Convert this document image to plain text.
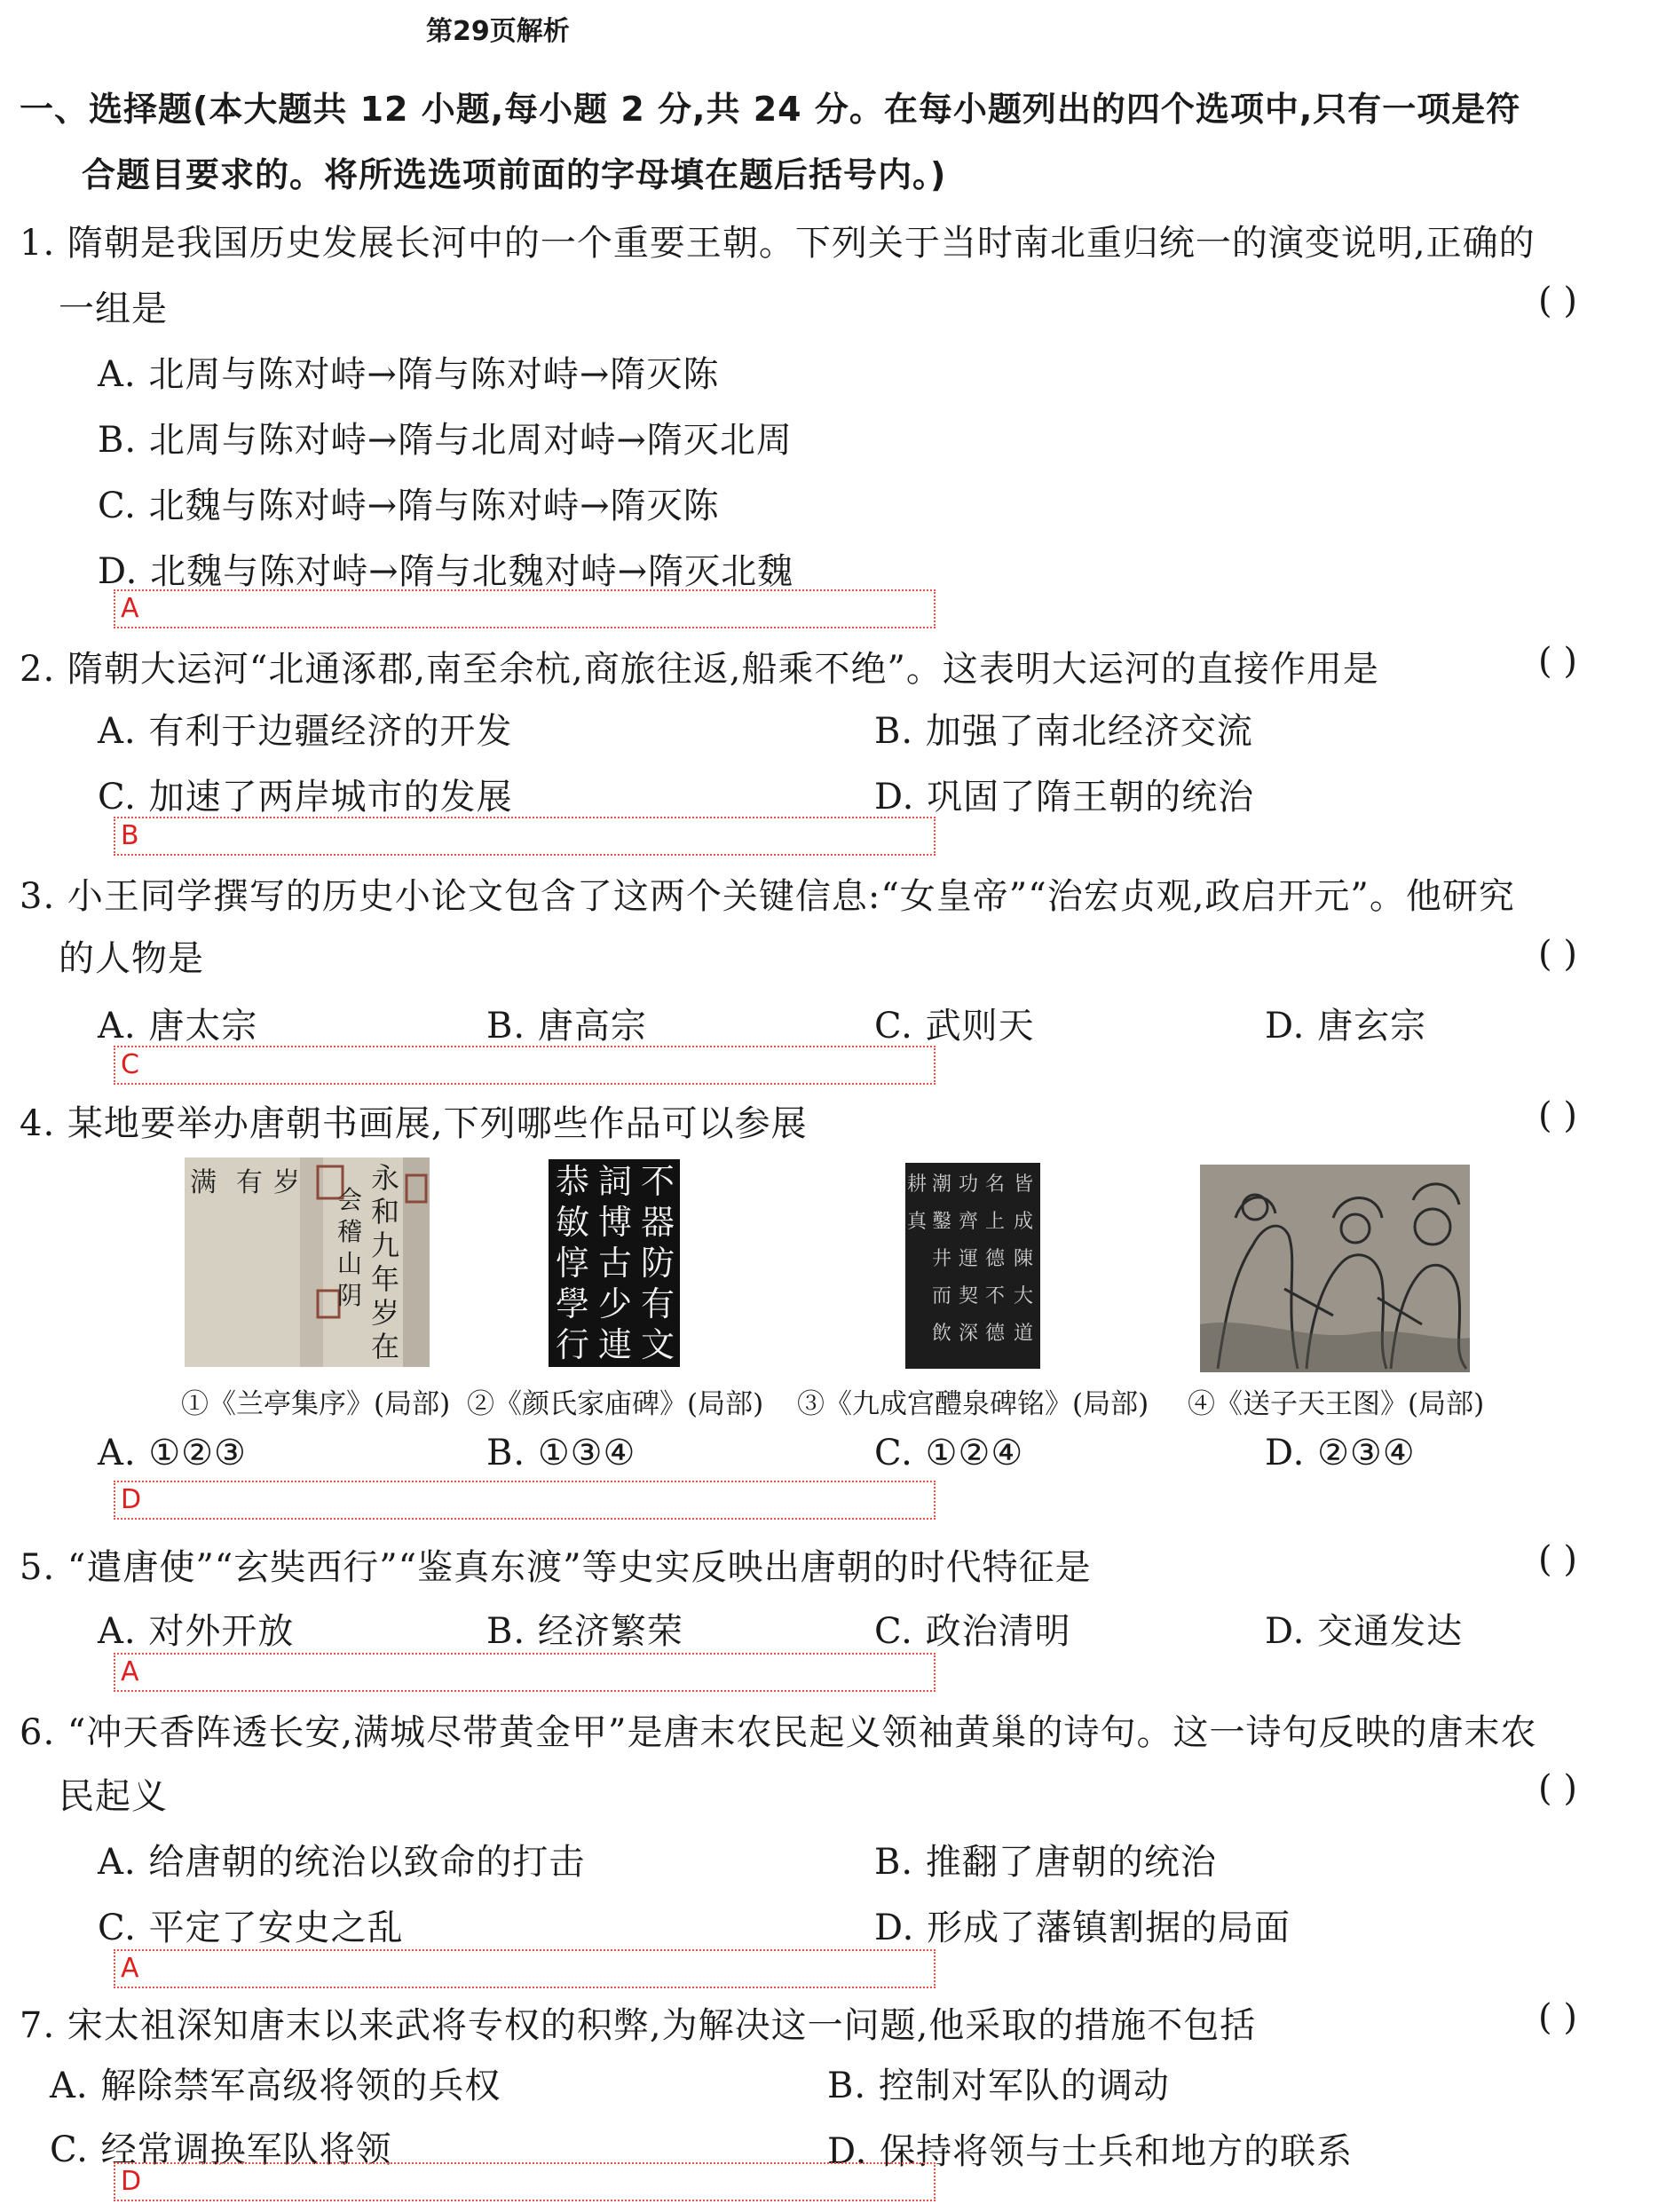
第29页解析
一、选择题(本大题共 12 小题,每小题 2 分,共 24 分。在每小题列出的四个选项中,只有一项是符
合题目要求的。将所选选项前面的字母填在题后括号内。)
1. 隋朝是我国历史发展长河中的一个重要王朝。下列关于当时南北重归统一的演变说明,正确的
一组是	( )
A. 北周与陈对峙→隋与陈对峙→隋灭陈
B. 北周与陈对峙→隋与北周对峙→隋灭北周
C. 北魏与陈对峙→隋与陈对峙→隋灭陈
D. 北魏与陈对峙→隋与北魏对峙→隋灭北魏
A
2. 隋朝大运河“北通涿郡,南至余杭,商旅往返,船乘不绝”。这表明大运河的直接作用是	( )
A. 有利于边疆经济的开发	B. 加强了南北经济交流
C. 加速了两岸城市的发展	D. 巩固了隋王朝的统治
B
3. 小王同学撰写的历史小论文包含了这两个关键信息:“女皇帝”“治宏贞观,政启开元”。他研究
的人物是	( )
A. 唐太宗	B. 唐高宗	C. 武则天	D. 唐玄宗
C
4. 某地要举办唐朝书画展,下列哪些作品可以参展	( )
满 有 岁	永和九年岁在
会稽山阴
不器防有文
詞博古少連
恭敏惇學行
皆成陳大道
名上德不德
功齊運契深
潮鑿井而飲
耕真
①《兰亭集序》(局部) ②《颜氏家庙碑》(局部) ③《九成宫醴泉碑铭》(局部) ④《送子天王图》(局部)
A. ①②③	B. ①③④	C. ①②④	D. ②③④
D
5. “遣唐使”“玄奘西行”“鉴真东渡”等史实反映出唐朝的时代特征是	( )
A. 对外开放	B. 经济繁荣	C. 政治清明	D. 交通发达
A
6. “冲天香阵透长安,满城尽带黄金甲”是唐末农民起义领袖黄巢的诗句。这一诗句反映的唐末农
民起义	( )
A. 给唐朝的统治以致命的打击	B. 推翻了唐朝的统治
C. 平定了安史之乱	D. 形成了藩镇割据的局面
A
7. 宋太祖深知唐末以来武将专权的积弊,为解决这一问题,他采取的措施不包括	( )
A. 解除禁军高级将领的兵权	B. 控制对军队的调动
C. 经常调换军队将领	D. 保持将领与士兵和地方的联系
D
